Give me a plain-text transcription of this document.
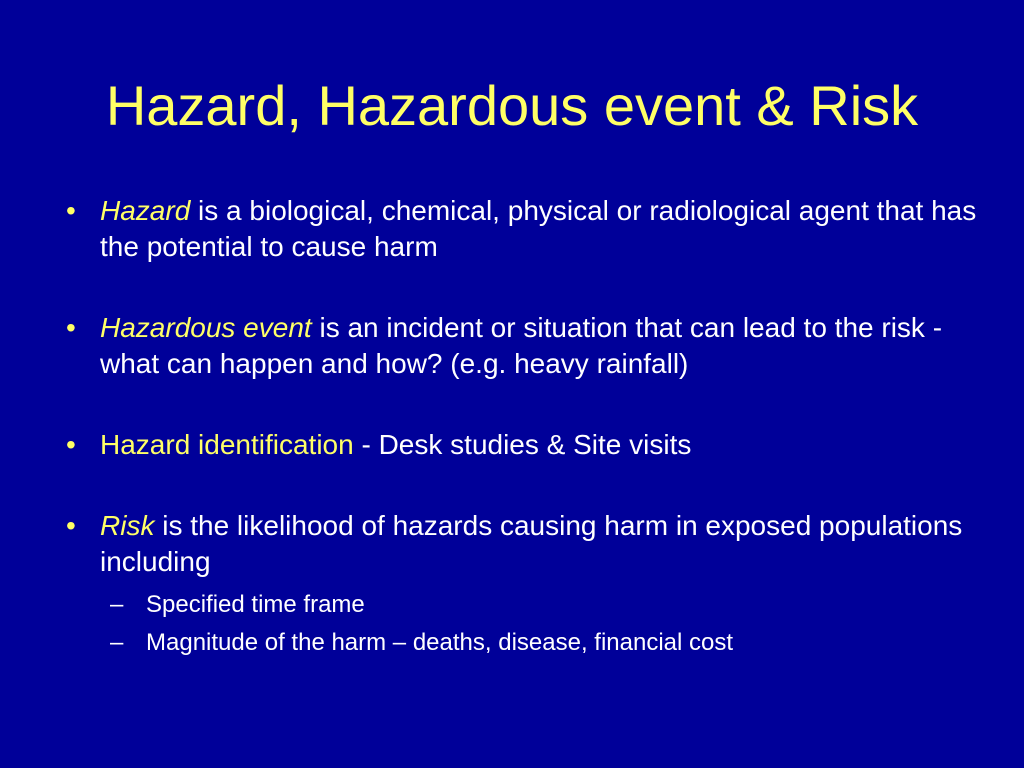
Hazard, Hazardous event & Risk
• Hazard is a biological, chemical, physical or radiological agent that has the potential to cause harm
• Hazardous event is an incident or situation that can lead to the risk - what can happen and how? (e.g. heavy rainfall)
• Hazard identification - Desk studies & Site visits
• Risk is the likelihood of hazards causing harm in exposed populations including
– Specified time frame
– Magnitude of the harm – deaths, disease, financial cost
